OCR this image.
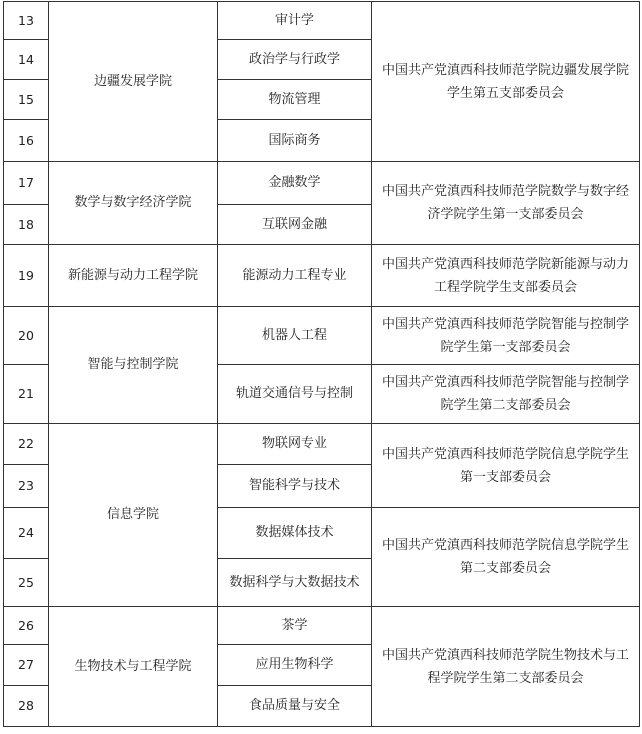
13	边疆发展学院	审计学	中国共产党滇西科技师范学院边疆发展学院学生第五支部委员会
14		政治学与行政学	
15		物流管理	
16		国际商务	
17	数学与数字经济学院	金融数学	中国共产党滇西科技师范学院数学与数字经济学院学生第一支部委员会
18		互联网金融	
19	新能源与动力工程学院	能源动力工程专业	中国共产党滇西科技师范学院新能源与动力工程学院学生支部委员会
20	智能与控制学院	机器人工程	中国共产党滇西科技师范学院智能与控制学院学生第一支部委员会
21		轨道交通信号与控制	中国共产党滇西科技师范学院智能与控制学院学生第二支部委员会
22	信息学院	物联网专业	中国共产党滇西科技师范学院信息学院学生第一支部委员会
23		智能科学与技术	
24		数据媒体技术	中国共产党滇西科技师范学院信息学院学生第二支部委员会
25		数据科学与大数据技术	
26	生物技术与工程学院	茶学	中国共产党滇西科技师范学院生物技术与工程学院学生第二支部委员会
27		应用生物科学	
28		食品质量与安全	
